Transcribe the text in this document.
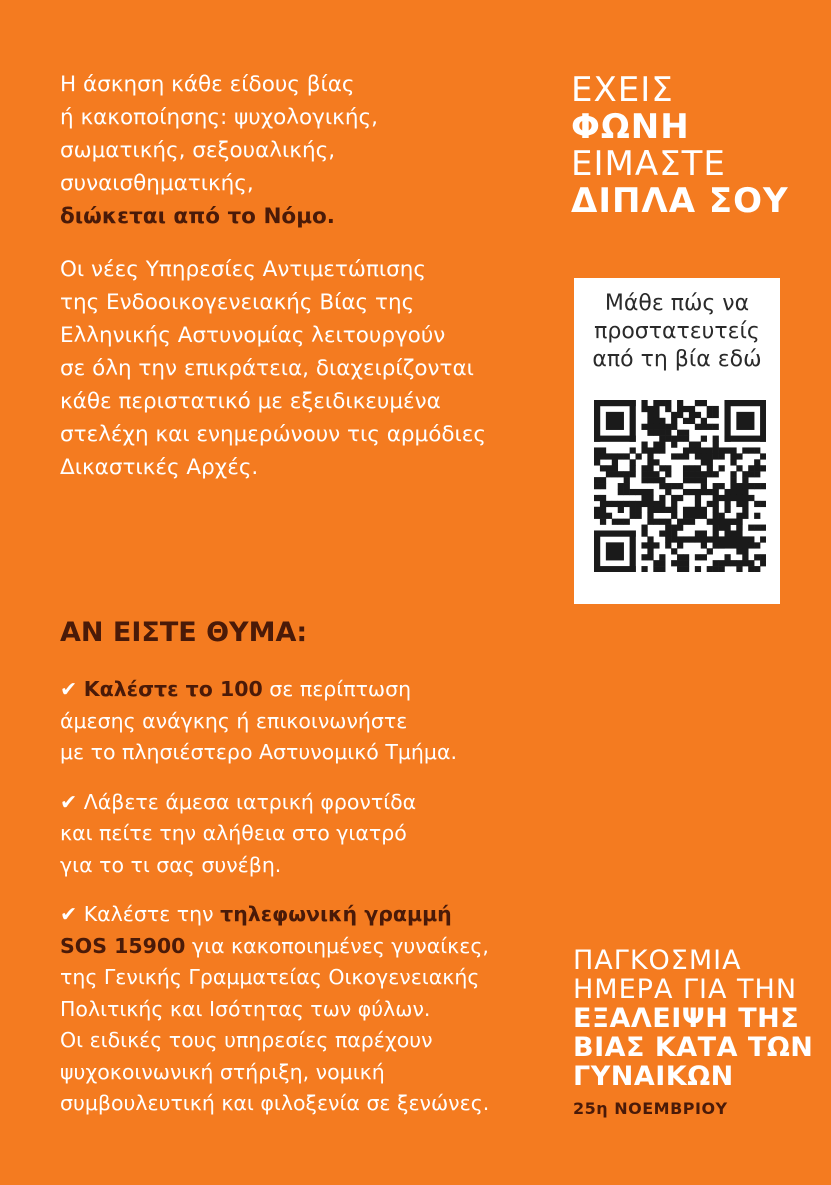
Η άσκηση κάθε είδους βίας
ή κακοποίησης: ψυχολογικής,
σωματικής, σεξουαλικής,
συναισθηματικής,
διώκεται από το Νόμο.

Οι νέες Υπηρεσίες Αντιμετώπισης
της Ενδοοικογενειακής Βίας της
Ελληνικής Αστυνομίας λειτουργούν
σε όλη την επικράτεια, διαχειρίζονται
κάθε περιστατικό με εξειδικευμένα
στελέχη και ενημερώνουν τις αρμόδιες
Δικαστικές Αρχές.

ΑΝ ΕΙΣΤΕ ΘΥΜΑ:

✔ Καλέστε το 100 σε περίπτωση
άμεσης ανάγκης ή επικοινωνήστε
με το πλησιέστερο Αστυνομικό Τμήμα.

✔ Λάβετε άμεσα ιατρική φροντίδα
και πείτε την αλήθεια στο γιατρό
για το τι σας συνέβη.

✔ Καλέστε την τηλεφωνική γραμμή
SOS 15900 για κακοποιημένες γυναίκες,
της Γενικής Γραμματείας Οικογενειακής
Πολιτικής και Ισότητας των φύλων.
Οι ειδικές τους υπηρεσίες παρέχουν
ψυχοκοινωνική στήριξη, νομική
συμβουλευτική και φιλοξενία σε ξενώνες.

ΕΧΕΙΣ
ΦΩΝΗ
ΕΙΜΑΣΤΕ
ΔΙΠΛΑ ΣΟΥ
Μάθε πώς να
προστατευτείς
από τη βία εδώ
ΠΑΓΚΟΣΜΙΑ
ΗΜΕΡΑ ΓΙΑ ΤΗΝ
ΕΞΑΛΕΙΨΗ ΤΗΣ
ΒΙΑΣ ΚΑΤΑ ΤΩΝ
ΓΥΝΑΙΚΩΝ
25η ΝΟΕΜΒΡΙΟΥ
